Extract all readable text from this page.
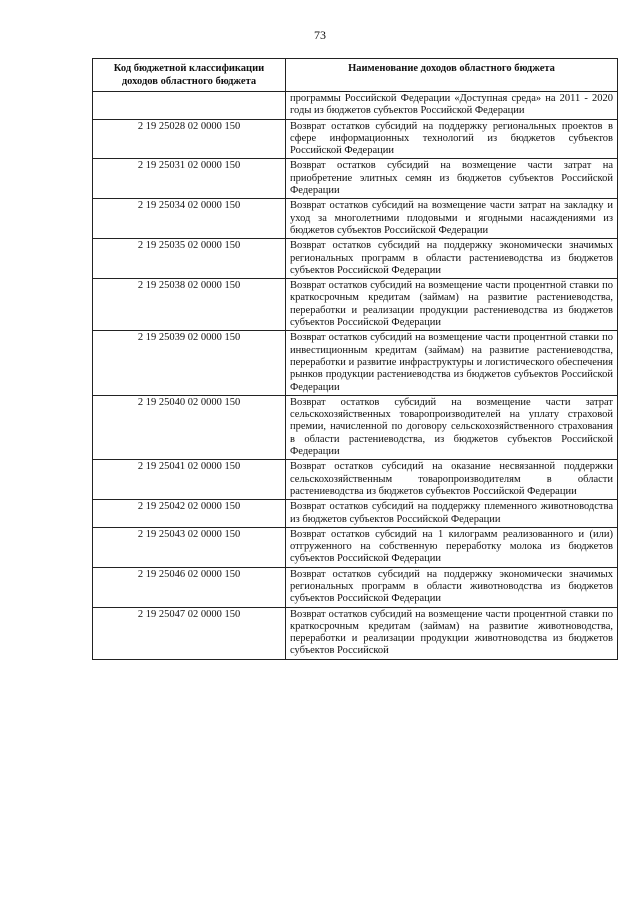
73
Код бюджетной классификации доходов областного бюджета	Наименование доходов областного бюджета
	программы Российской Федерации «Доступная среда» на 2011 - 2020 годы из бюджетов субъектов Российской Федерации
2 19 25028 02 0000 150	Возврат остатков субсидий на поддержку региональных проектов в сфере информационных технологий из бюджетов субъектов Российской Федерации
2 19 25031 02 0000 150	Возврат остатков субсидий на возмещение части затрат на приобретение элитных семян из бюджетов субъектов Российской Федерации
2 19 25034 02 0000 150	Возврат остатков субсидий на возмещение части затрат на закладку и уход за многолетними плодовыми и ягодными насаждениями из бюджетов субъектов Российской Федерации
2 19 25035 02 0000 150	Возврат остатков субсидий на поддержку экономически значимых региональных программ в области растениеводства из бюджетов субъектов Российской Федерации
2 19 25038 02 0000 150	Возврат остатков субсидий на возмещение части процентной ставки по краткосрочным кредитам (займам) на развитие растениеводства, переработки и реализации продукции растениеводства из бюджетов субъектов Российской Федерации
2 19 25039 02 0000 150	Возврат остатков субсидий на возмещение части процентной ставки по инвестиционным кредитам (займам) на развитие растениеводства, переработки и развитие инфраструктуры и логистического обеспечения рынков продукции растениеводства из бюджетов субъектов Российской Федерации
2 19 25040 02 0000 150	Возврат остатков субсидий на возмещение части затрат сельскохозяйственных товаропроизводителей на уплату страховой премии, начисленной по договору сельскохозяйственного страхования в области растениеводства, из бюджетов субъектов Российской Федерации
2 19 25041 02 0000 150	Возврат остатков субсидий на оказание несвязанной поддержки сельскохозяйственным товаропроизводителям в области растениеводства из бюджетов субъектов Российской Федерации
2 19 25042 02 0000 150	Возврат остатков субсидий на поддержку племенного животноводства из бюджетов субъектов Российской Федерации
2 19 25043 02 0000 150	Возврат остатков субсидий на 1 килограмм реализованного и (или) отгруженного на собственную переработку молока из бюджетов субъектов Российской Федерации
2 19 25046 02 0000 150	Возврат остатков субсидий на поддержку экономически значимых региональных программ в области животноводства из бюджетов субъектов Российской Федерации
2 19 25047 02 0000 150	Возврат остатков субсидий на возмещение части процентной ставки по краткосрочным кредитам (займам) на развитие животноводства, переработки и реализации продукции животноводства из бюджетов субъектов Российской
